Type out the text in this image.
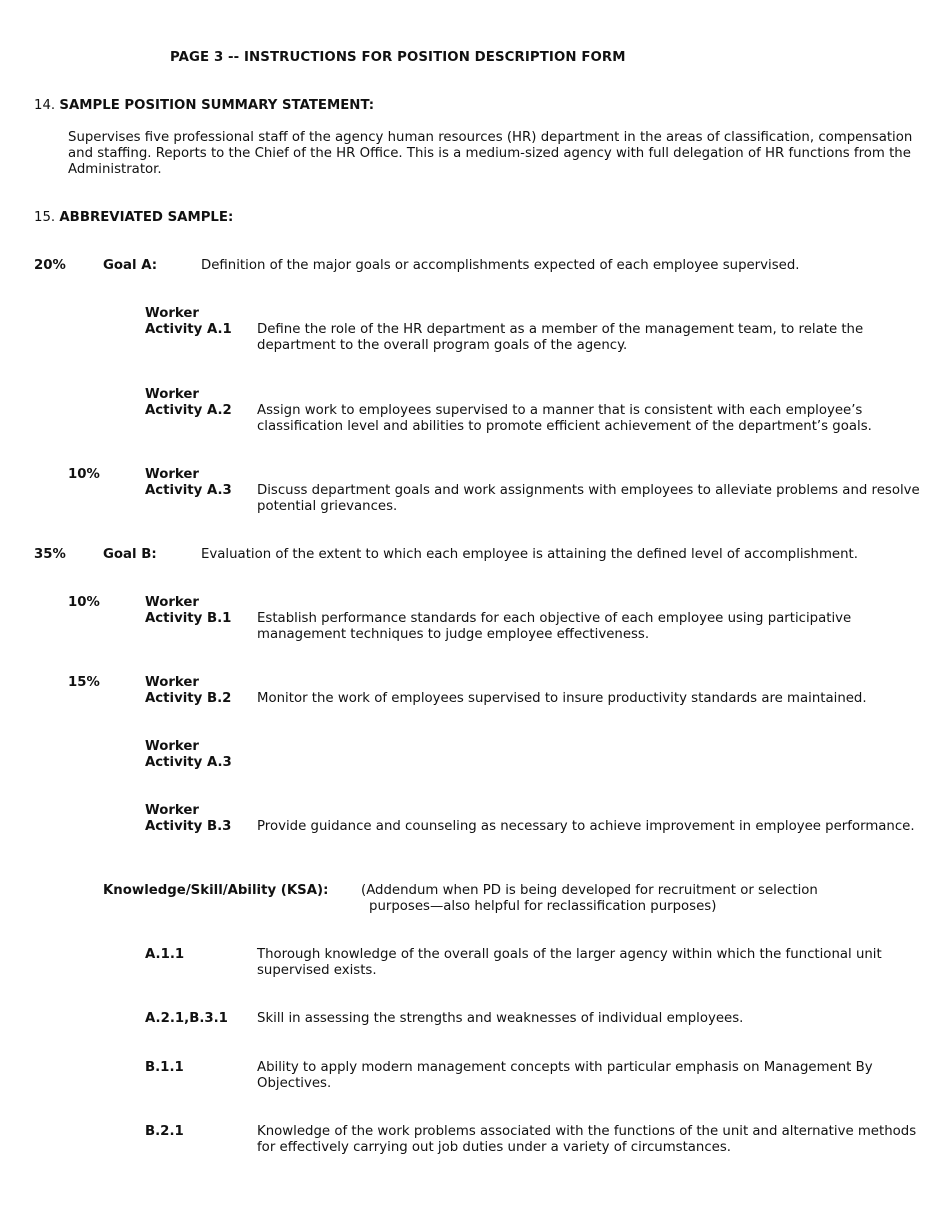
PAGE 3 -- INSTRUCTIONS FOR POSITION DESCRIPTION FORM
14. SAMPLE POSITION SUMMARY STATEMENT:
Supervises five professional staff of the agency human resources (HR) department in the areas of classification, compensation and staffing. Reports to the Chief of the HR Office. This is a medium-sized agency with full delegation of HR functions from the Administrator.
15. ABBREVIATED SAMPLE:
20%	Goal A:	Definition of the major goals or accomplishments expected of each employee supervised.
Worker
Activity A.1 Define the role of the HR department as a member of the management team, to relate the department to the overall program goals of the agency.
Worker
Activity A.2 Assign work to employees supervised to a manner that is consistent with each employee’s classification level and abilities to promote efficient achievement of the department’s goals.
10%	Worker
Activity A.3 Discuss department goals and work assignments with employees to alleviate problems and resolve potential grievances.
35%	Goal B:	Evaluation of the extent to which each employee is attaining the defined level of accomplishment.
10%	Worker
Activity B.1 Establish performance standards for each objective of each employee using participative management techniques to judge employee effectiveness.
15%	Worker
Activity B.2 Monitor the work of employees supervised to insure productivity standards are maintained.
Worker
Activity A.3
Worker
Activity B.3 Provide guidance and counseling as necessary to achieve improvement in employee performance.
Knowledge/Skill/Ability (KSA): (Addendum when PD is being developed for recruitment or selection
purposes—also helpful for reclassification purposes)
A.1.1	Thorough knowledge of the overall goals of the larger agency within which the functional unit supervised exists.
A.2.1,B.3.1 Skill in assessing the strengths and weaknesses of individual employees.
B.1.1	Ability to apply modern management concepts with particular emphasis on Management By Objectives.
B.2.1	Knowledge of the work problems associated with the functions of the unit and alternative methods for effectively carrying out job duties under a variety of circumstances.
